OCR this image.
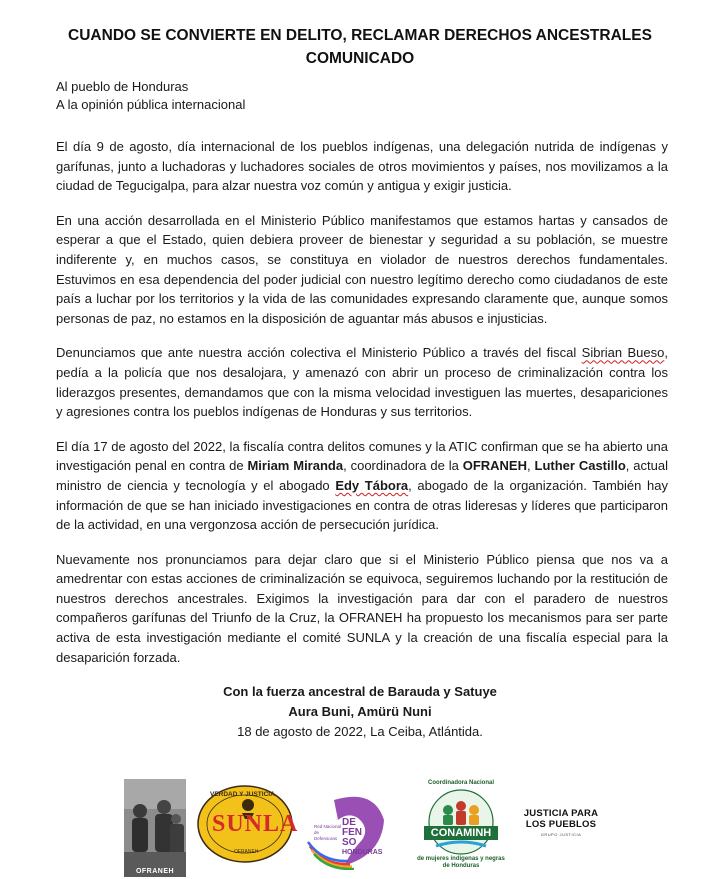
CUANDO SE CONVIERTE EN DELITO, RECLAMAR DERECHOS ANCESTRALES
COMUNICADO
Al pueblo de Honduras
A la opinión pública internacional

El día 9 de agosto, día internacional de los pueblos indígenas, una delegación nutrida de indígenas y garífunas, junto a luchadoras y luchadores sociales de otros movimientos y países, nos movilizamos a la ciudad de Tegucigalpa, para alzar nuestra voz común y antigua y exigir justicia.

En una acción desarrollada en el Ministerio Público manifestamos que estamos hartas y cansados de esperar a que el Estado, quien debiera proveer de bienestar y seguridad a su población, se muestre indiferente y, en muchos casos, se constituya en violador de nuestros derechos fundamentales. Estuvimos en esa dependencia del poder judicial con nuestro legítimo derecho como ciudadanos de este país a luchar por los territorios y la vida de las comunidades expresando claramente que, aunque somos personas de paz, no estamos en la disposición de aguantar más abusos e injusticias.

Denunciamos que ante nuestra acción colectiva el Ministerio Público a través del fiscal Sibrian Bueso, pedía a la policía que nos desalojara, y amenazó con abrir un proceso de criminalización contra los liderazgos presentes, demandamos que con la misma velocidad investiguen las muertes, desapariciones y agresiones contra los pueblos indígenas de Honduras y sus territorios.

El día 17 de agosto del 2022, la fiscalía contra delitos comunes y la ATIC confirman que se ha abierto una investigación penal en contra de Miriam Miranda, coordinadora de la OFRANEH, Luther Castillo, actual ministro de ciencia y tecnología y el abogado Edy Tábora, abogado de la organización. También hay información de que se han iniciado investigaciones en contra de otras lideresas y líderes que participaron de la actividad, en una vergonzosa acción de persecución jurídica.

Nuevamente nos pronunciamos para dejar claro que si el Ministerio Público piensa que nos va a amedrentar con estas acciones de criminalización se equivoca, seguiremos luchando por la restitución de nuestros derechos ancestrales. Exigimos la investigación para dar con el paradero de nuestros compañeros garífunas del Triunfo de la Cruz, la OFRANEH ha propuesto los mecanismos para ser parte activa de esta investigación mediante el comité SUNLA y la creación de una fiscalía especial para la desaparición forzada.

Con la fuerza ancestral de Barauda y Satuye
Aura Buni, Amürü Nuni
18 de agosto de 2022, La Ceiba, Atlántida.
OFRANEH
VERDAD Y JUSTICIA
SUNLA
OFRANEH
Red Nacional de Defensoras
DE
FEN
SO
HONDURAS
Coordinadora Nacional
CONAMINH
de mujeres indígenas y negras de Honduras
JUSTICIA PARA
LOS PUEBLOS
GRUPO JUSTICIA
